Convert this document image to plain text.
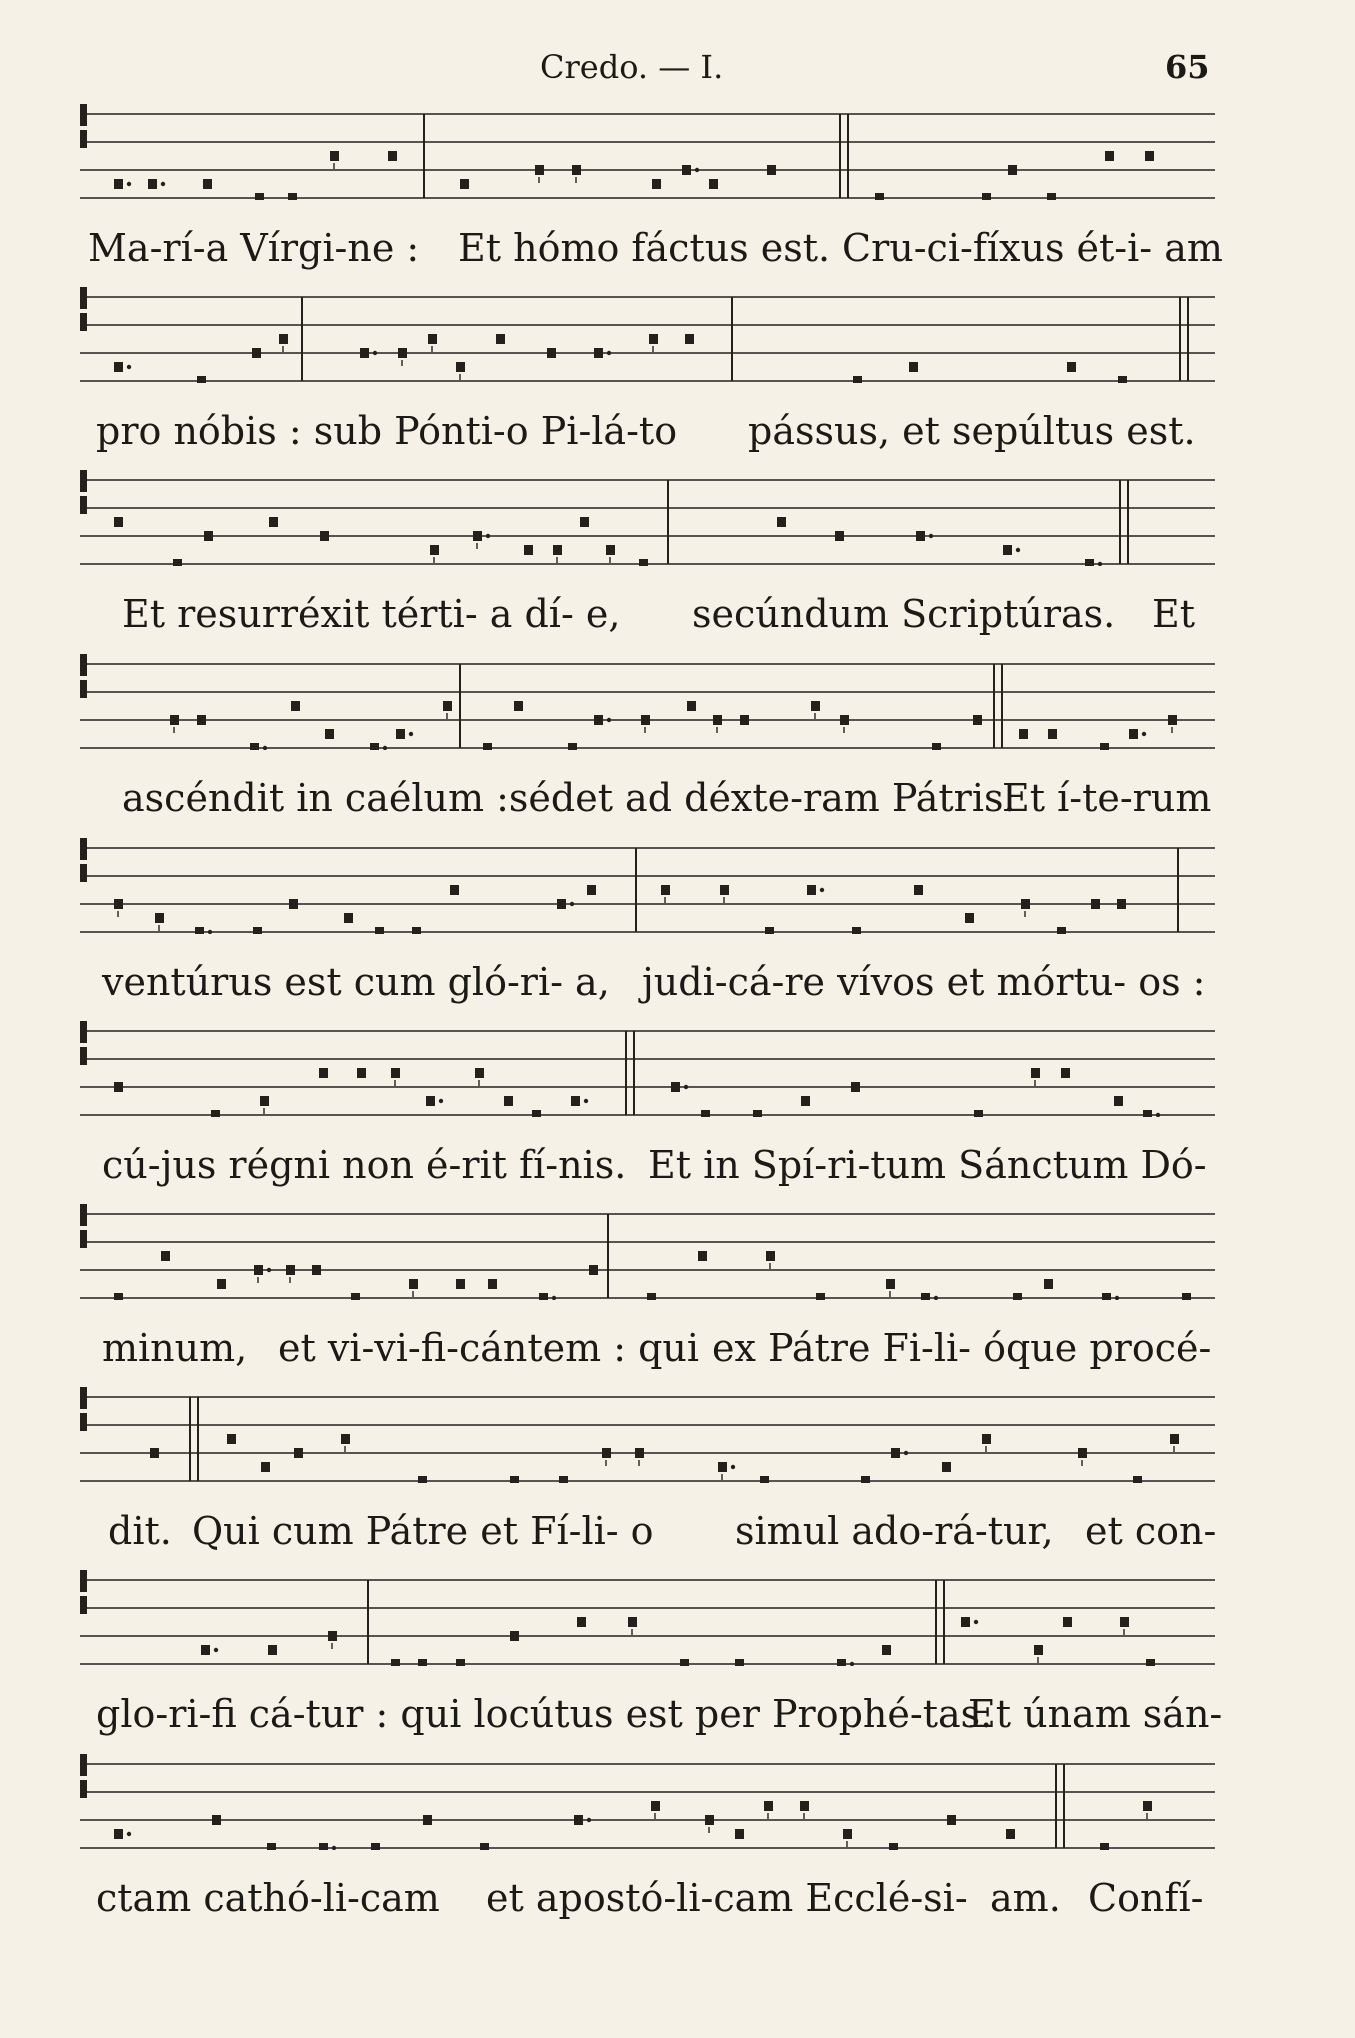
Credo. — I.	65
Ma-rí-a Vírgi-ne : Et hómo fáctus est. Cru-ci-fíxus ét-i- am
pro nóbis : sub Pónti-o Pi-lá-to pássus, et sepúltus est.
Et resurréxit térti- a dí- e, secúndum Scriptúras. Et
ascéndit in caélum :sédet ad déxte-ram Pátris.
Et í-te-rum
ventúrus est cum gló-ri- a, judi-cá-re vívos et mórtu- os :
cú-jus régni non é-rit fí-nis. Et in Spí-ri-tum Sánctum Dó-
minum, et vi-vi-fi-cántem : qui ex Pátre Fi-li- óque procé-
dit. Qui cum Pátre et Fí-li- o simul ado-rá-tur, et con-
glo-ri-fi cá-tur : qui locútus est per Prophé-tas.
Et únam sán-
ctam cathó-li-cam et apostó-li-cam Ecclé-si- am. Confí-
